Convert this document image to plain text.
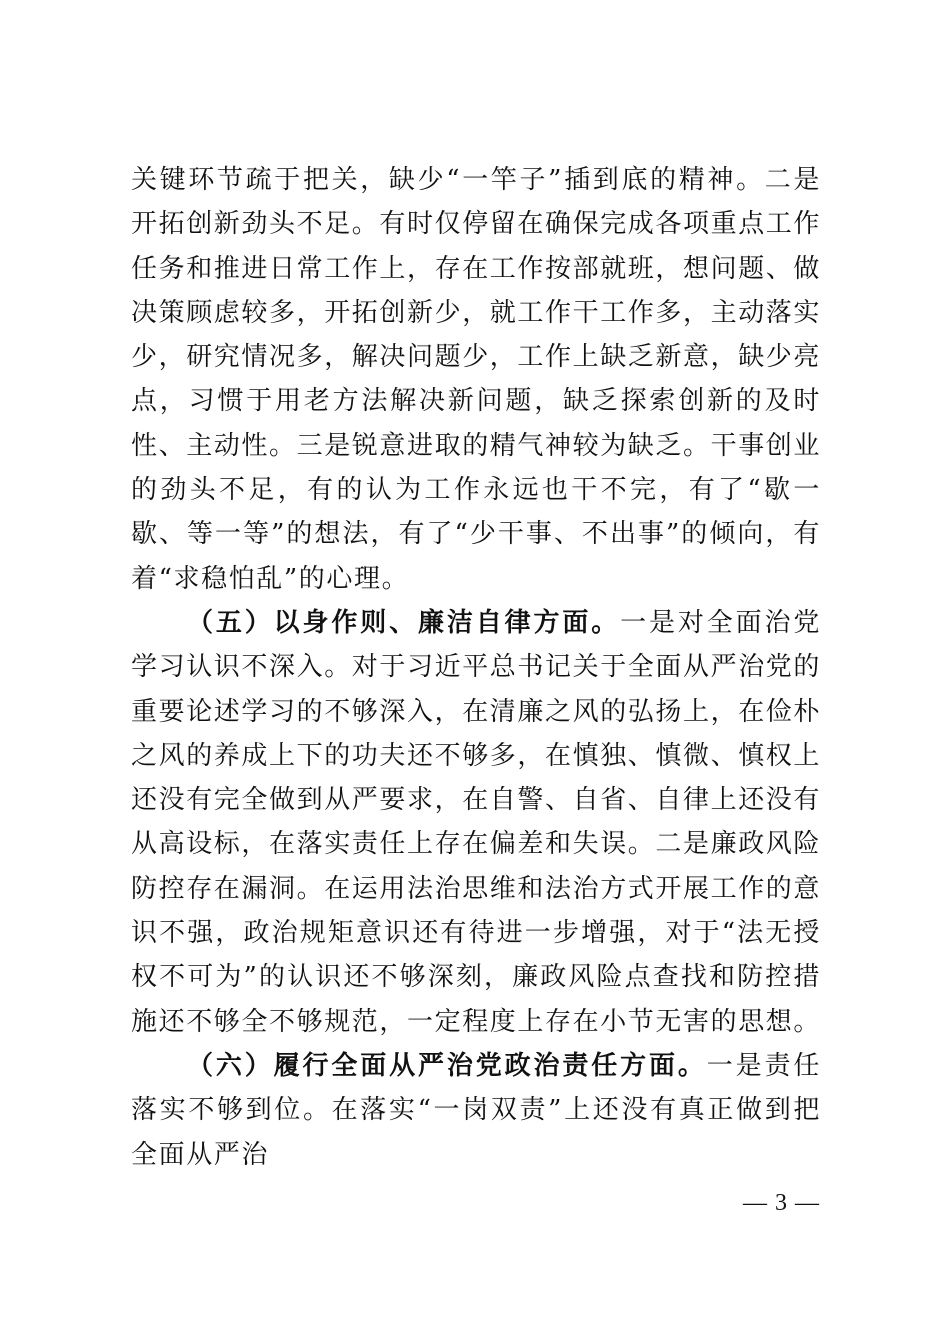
关键环节疏于把关，缺少“一竿子”插到底的精神。二是开拓创新劲头不足。有时仅停留在确保完成各项重点工作任务和推进日常工作上，存在工作按部就班，想问题、做决策顾虑较多，开拓创新少，就工作干工作多，主动落实少，研究情况多，解决问题少，工作上缺乏新意，缺少亮点，习惯于用老方法解决新问题，缺乏探索创新的及时性、主动性。三是锐意进取的精气神较为缺乏。干事创业的劲头不足，有的认为工作永远也干不完，有了“歇一歇、等一等”的想法，有了“少干事、不出事”的倾向，有着“求稳怕乱”的心理。

（五）以身作则、廉洁自律方面。一是对全面治党学习认识不深入。对于习近平总书记关于全面从严治党的重要论述学习的不够深入，在清廉之风的弘扬上，在俭朴之风的养成上下的功夫还不够多，在慎独、慎微、慎权上还没有完全做到从严要求，在自警、自省、自律上还没有从高设标，在落实责任上存在偏差和失误。二是廉政风险防控存在漏洞。在运用法治思维和法治方式开展工作的意识不强，政治规矩意识还有待进一步增强，对于“法无授权不可为”的认识还不够深刻，廉政风险点查找和防控措施还不够全不够规范，一定程度上存在小节无害的思想。

（六）履行全面从严治党政治责任方面。一是责任落实不够到位。在落实“一岗双责”上还没有真正做到把全面从严治

— 3 —
